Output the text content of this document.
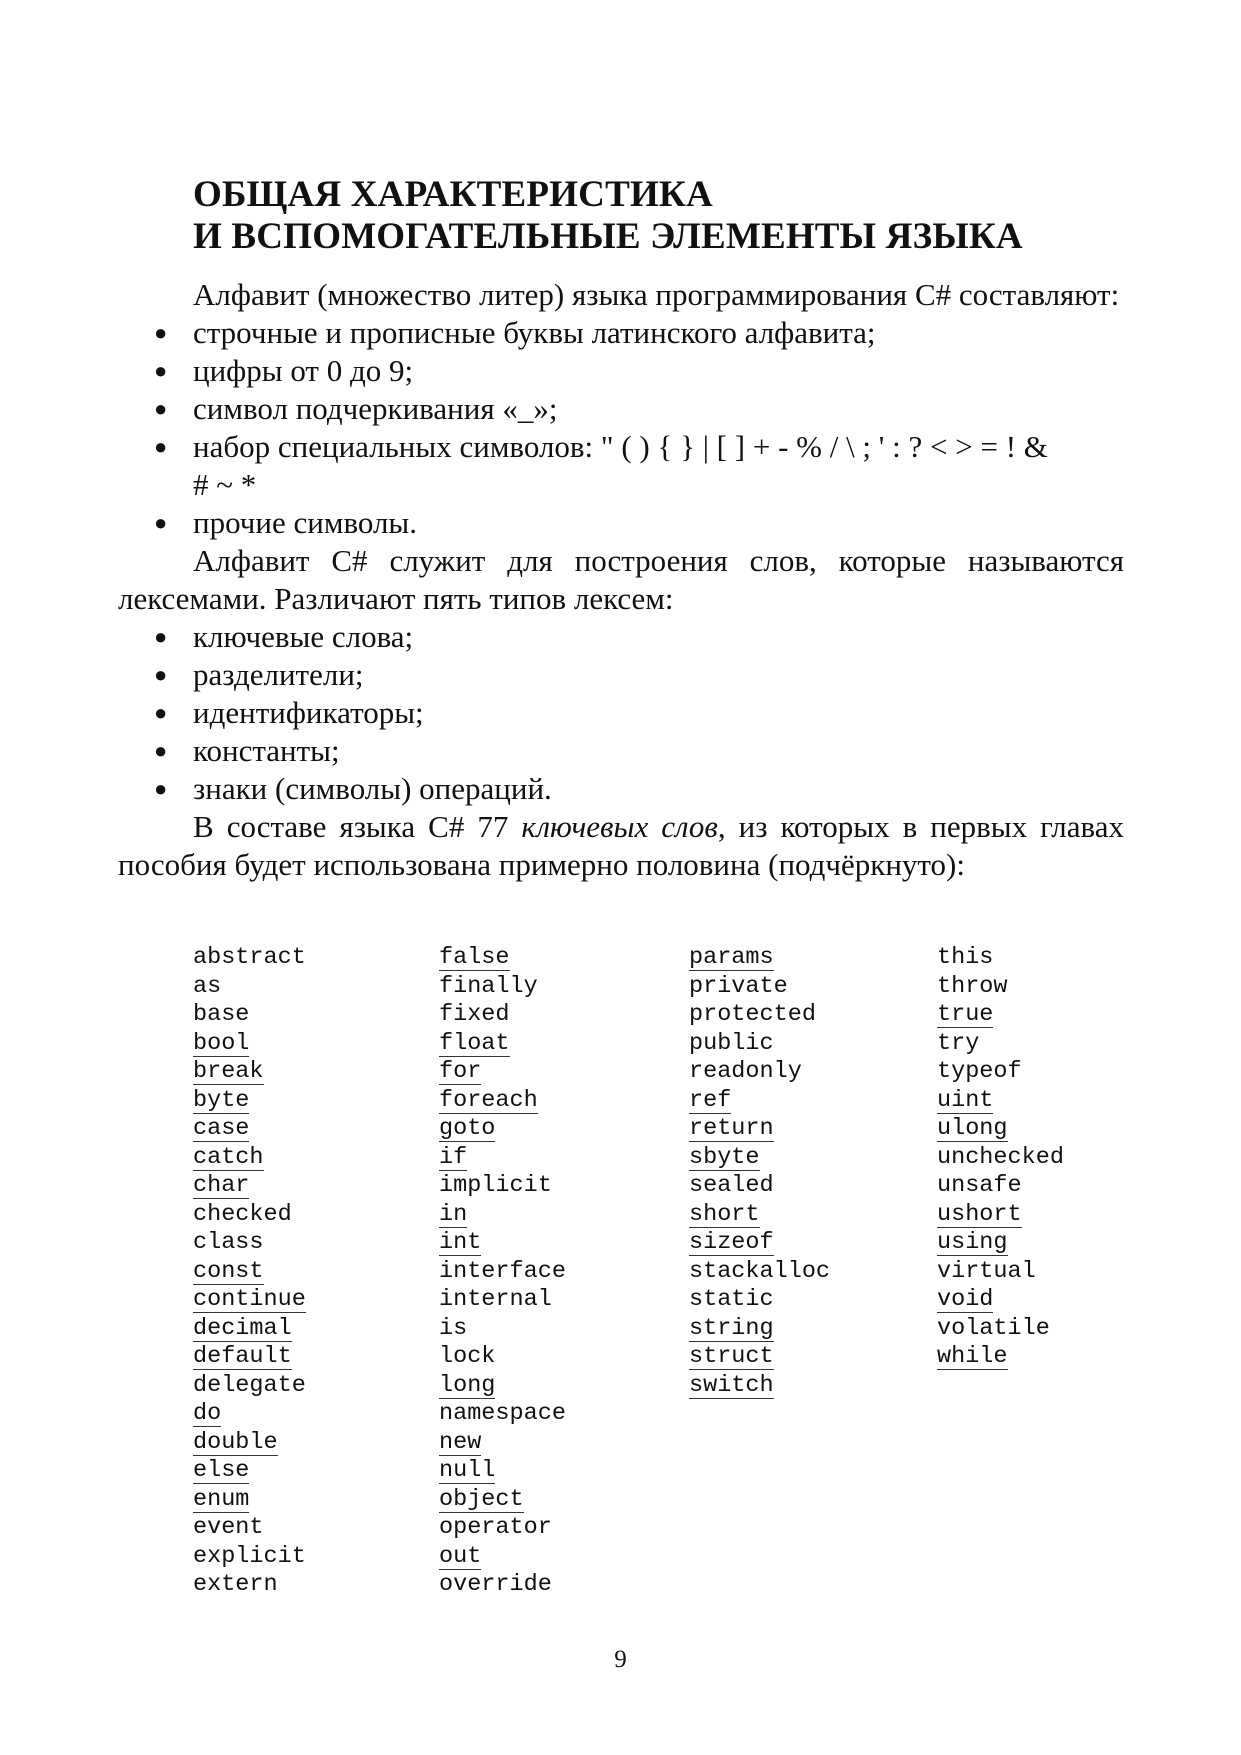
ОБЩАЯ ХАРАКТЕРИСТИКА
И ВСПОМОГАТЕЛЬНЫЕ ЭЛЕМЕНТЫ ЯЗЫКА

Алфавит (множество литер) языка программирования C# составляют:

● строчные и прописные буквы латинского алфавита;
● цифры от 0 до 9;
● символ подчеркивания «_»;
● набор специальных символов: " ( ) { } | [ ] + - % / \ ; ' : ? < > = ! &
# ~ *
● прочие символы.

Алфавит C# служит для построения слов, которые называются лексемами. Различают пять типов лексем:

● ключевые слова;
● разделители;
● идентификаторы;
● константы;
● знаки (символы) операций.

В составе языка C# 77 ключевых слов, из которых в первых главах пособия будет использована примерно половина (подчёркнуто):

abstract
as
base
bool
break
byte
case
catch
char
checked
class
const
continue
decimal
default
delegate
do
double
else
enum
event
explicit
extern
false
finally
fixed
float
for
foreach
goto
if
implicit
in
int
interface
internal
is
lock
long
namespace
new
null
object
operator
out
override
params
private
protected
public
readonly
ref
return
sbyte
sealed
short
sizeof
stackalloc
static
string
struct
switch
this
throw
true
try
typeof
uint
ulong
unchecked
unsafe
ushort
using
virtual
void
volatile
while
9
